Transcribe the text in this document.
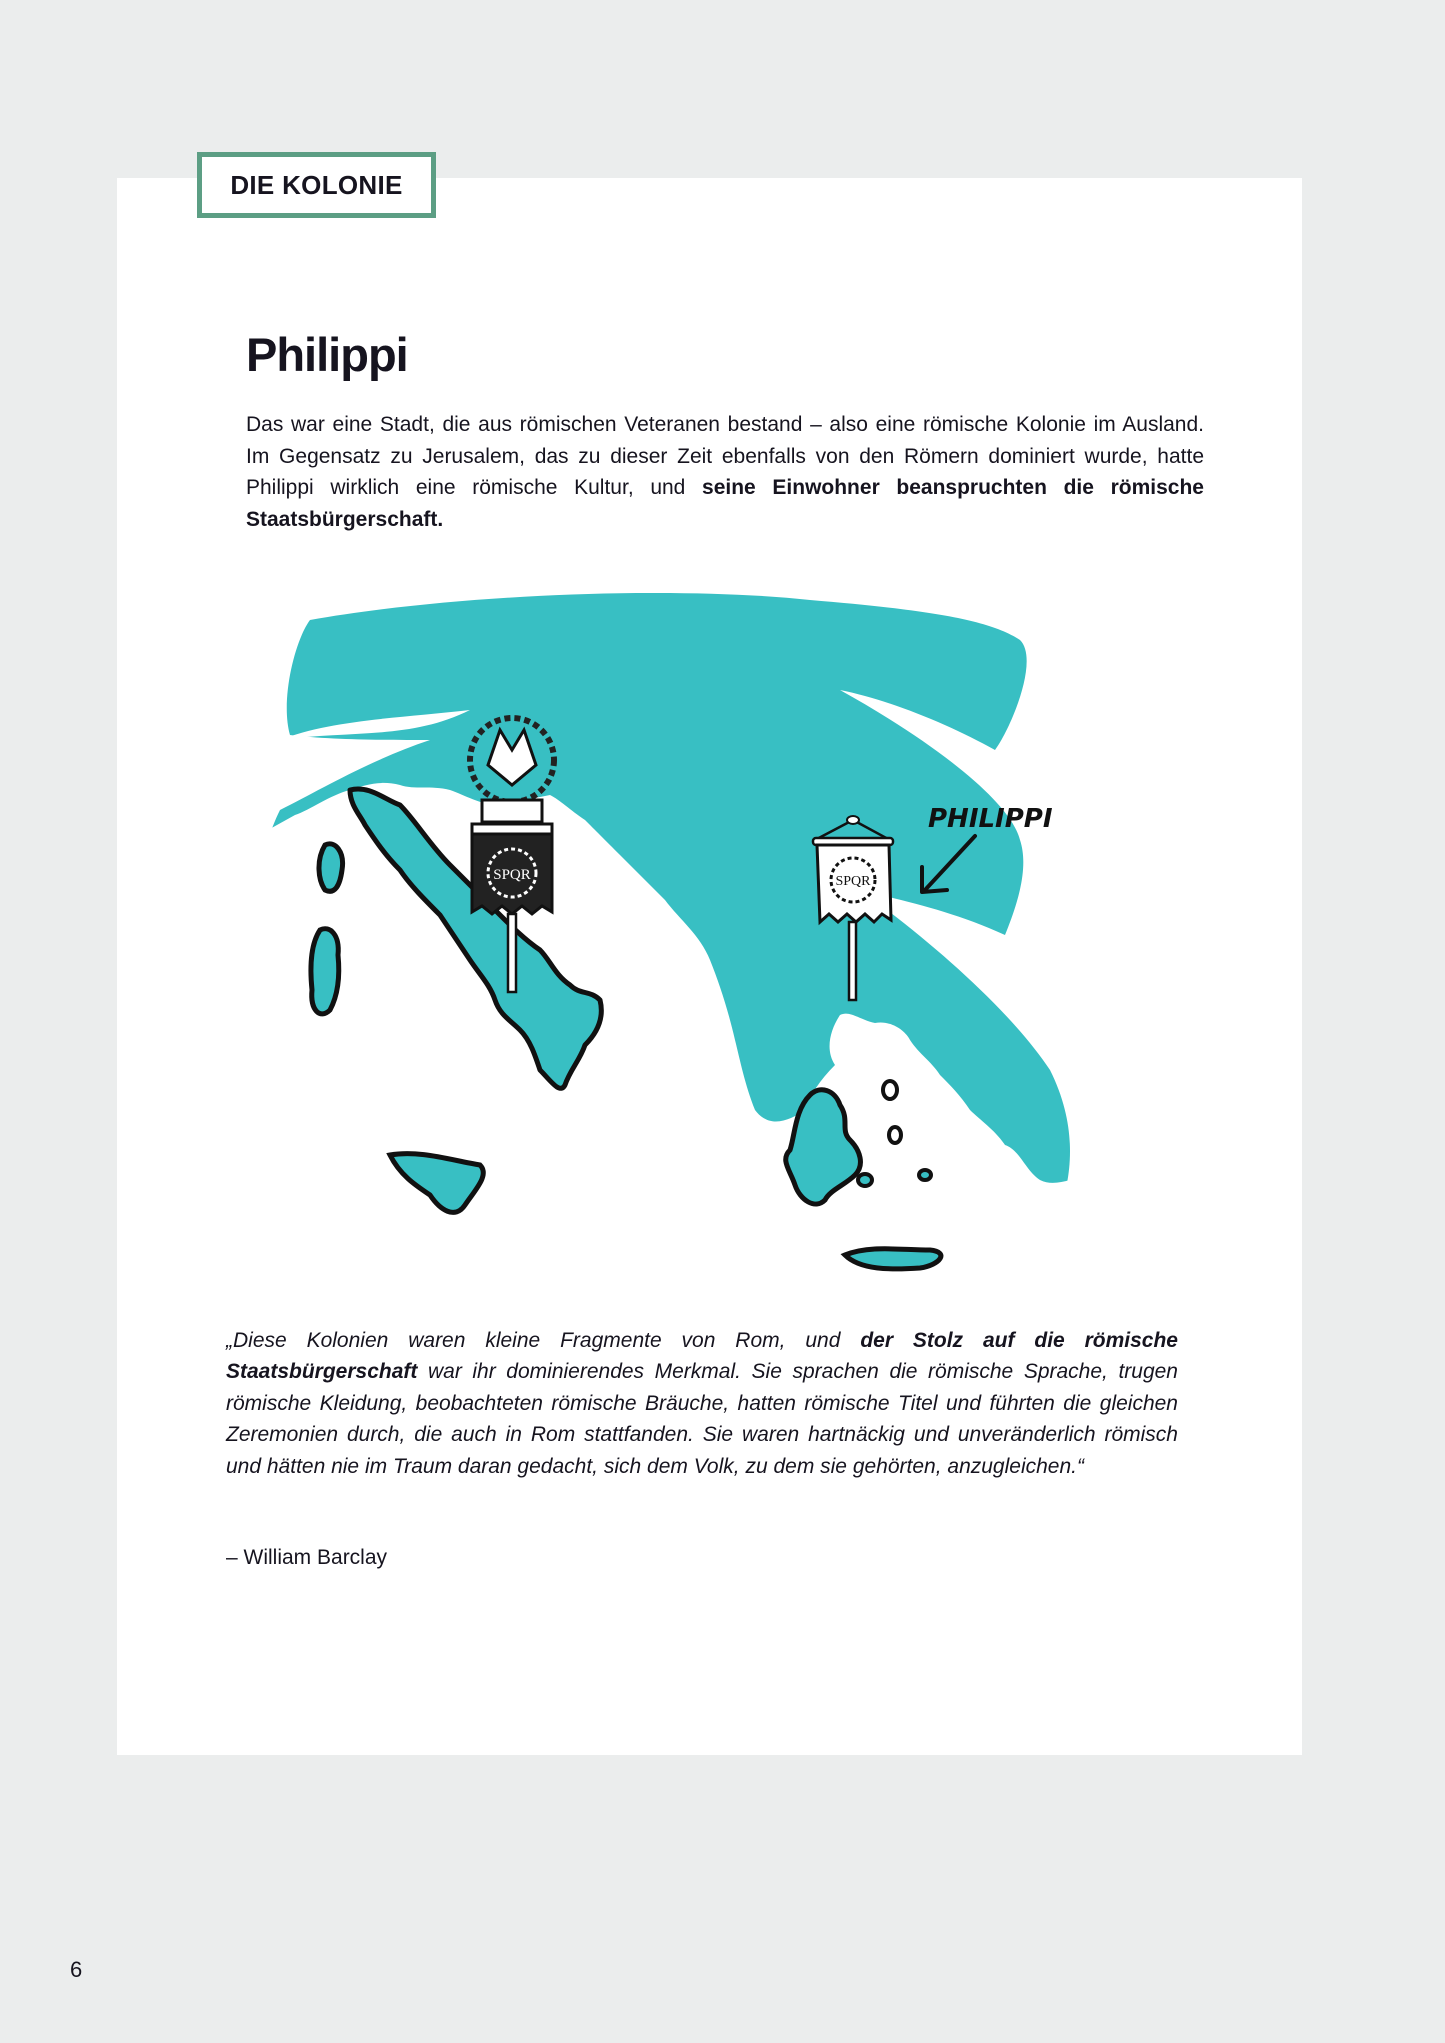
DIE KOLONIE
Philippi

Das war eine Stadt, die aus römischen Veteranen bestand – also eine römische Kolonie im Ausland. Im Gegensatz zu Jerusalem, das zu dieser Zeit ebenfalls von den Römern dominiert wurde, hatte Philippi wirklich eine römische Kultur, und seine Einwohner beanspruchten die römische Staatsbürgerschaft.

SPQR	SPQR
PHILIPPI

„Diese Kolonien waren kleine Fragmente von Rom, und der Stolz auf die römische Staatsbürgerschaft war ihr dominierendes Merkmal. Sie sprachen die römische Sprache, trugen römische Kleidung, beobachteten römische Bräuche, hatten römische Titel und führten die gleichen Zeremonien durch, die auch in Rom stattfanden. Sie waren hartnäckig und unveränderlich römisch und hätten nie im Traum daran gedacht, sich dem Volk, zu dem sie gehörten, anzugleichen.“

– William Barclay

6
